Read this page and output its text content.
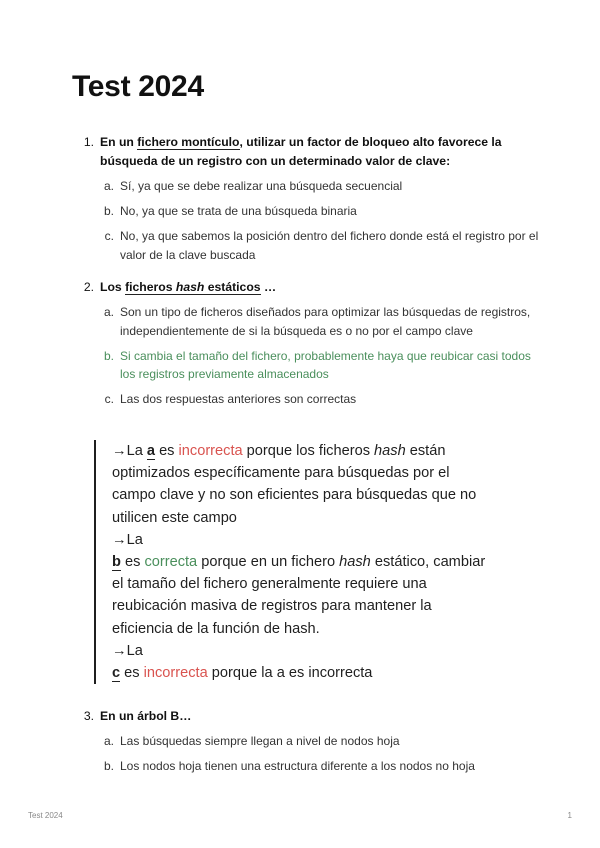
Test 2024
1. En un fichero montículo, utilizar un factor de bloqueo alto favorece la búsqueda de un registro con un determinado valor de clave:
a. Sí, ya que se debe realizar una búsqueda secuencial
b. No, ya que se trata de una búsqueda binaria
c. No, ya que sabemos la posición dentro del fichero donde está el registro por el valor de la clave buscada
2. Los ficheros hash estáticos …
a. Son un tipo de ficheros diseñados para optimizar las búsquedas de registros, independientemente de si la búsqueda es o no por el campo clave
b. Si cambia el tamaño del fichero, probablemente haya que reubicar casi todos los registros previamente almacenados
c. Las dos respuestas anteriores son correctas
→La a es incorrecta porque los ficheros hash están
optimizados específicamente para búsquedas por el
campo clave y no son eficientes para búsquedas que no
utilicen este campo
→La
b es correcta porque en un fichero hash estático, cambiar
el tamaño del fichero generalmente requiere una
reubicación masiva de registros para mantener la
eficiencia de la función de hash.
→La
c es incorrecta porque la a es incorrecta
3. En un árbol B…
a. Las búsquedas siempre llegan a nivel de nodos hoja
b. Los nodos hoja tienen una estructura diferente a los nodos no hoja
Test 2024	1
